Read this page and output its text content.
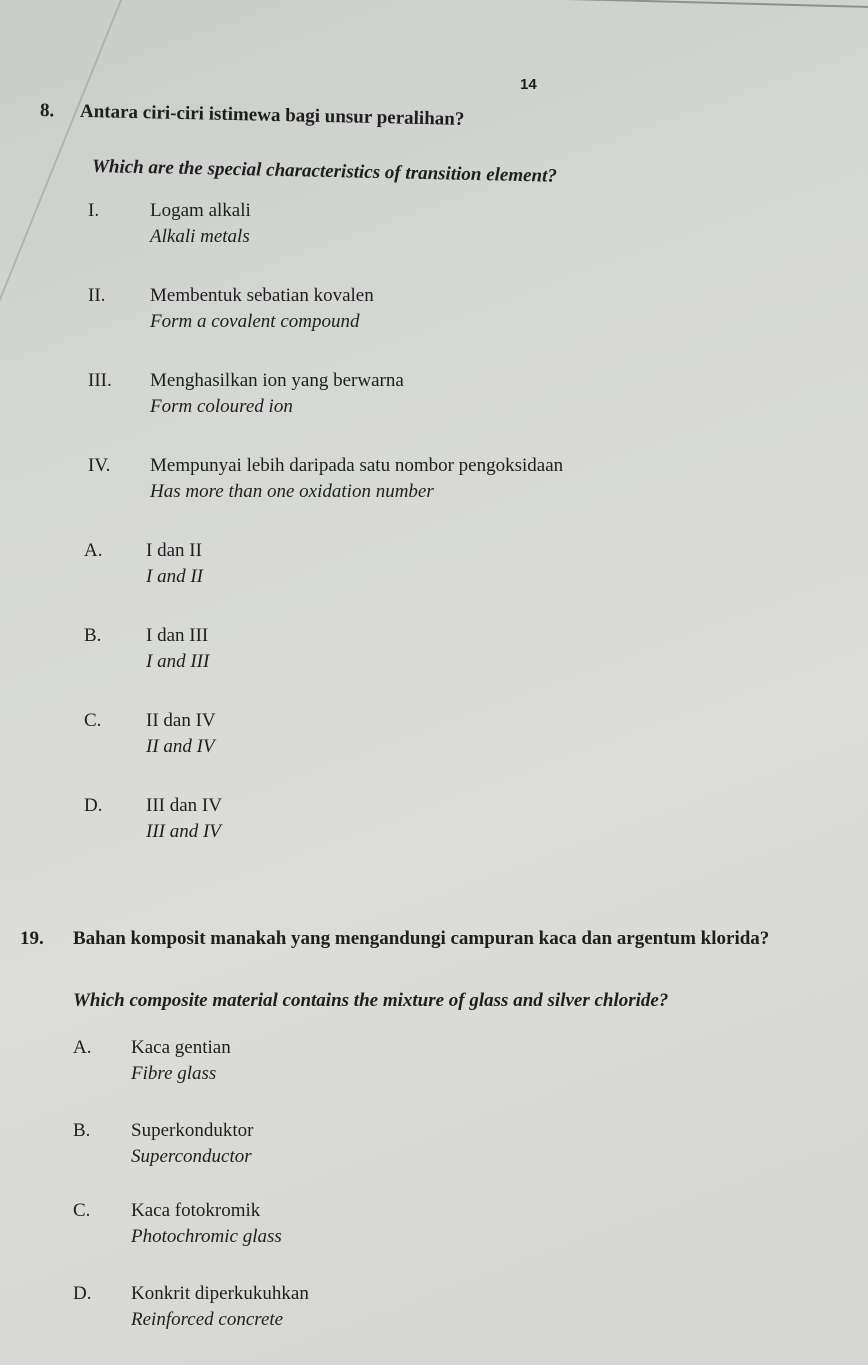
14
8. Antara ciri-ciri istimewa bagi unsur peralihan?
Which are the special characteristics of transition element?
I.	Logam alkali
Alkali metals
II. Membentuk sebatian kovalen
Form a covalent compound
III. Menghasilkan ion yang berwarna
Form coloured ion
IV. Mempunyai lebih daripada satu nombor pengoksidaan
Has more than one oxidation number
A. I dan II
I and II
B. I dan III
I and III
C. II dan IV
II and IV
D. III dan IV
III and IV
19. Bahan komposit manakah yang mengandungi campuran kaca dan argentum klorida?
Which composite material contains the mixture of glass and silver chloride?
A. Kaca gentian
Fibre glass
B. Superkonduktor
Superconductor
C. Kaca fotokromik
Photochromic glass
D. Konkrit diperkukuhkan
Reinforced concrete
